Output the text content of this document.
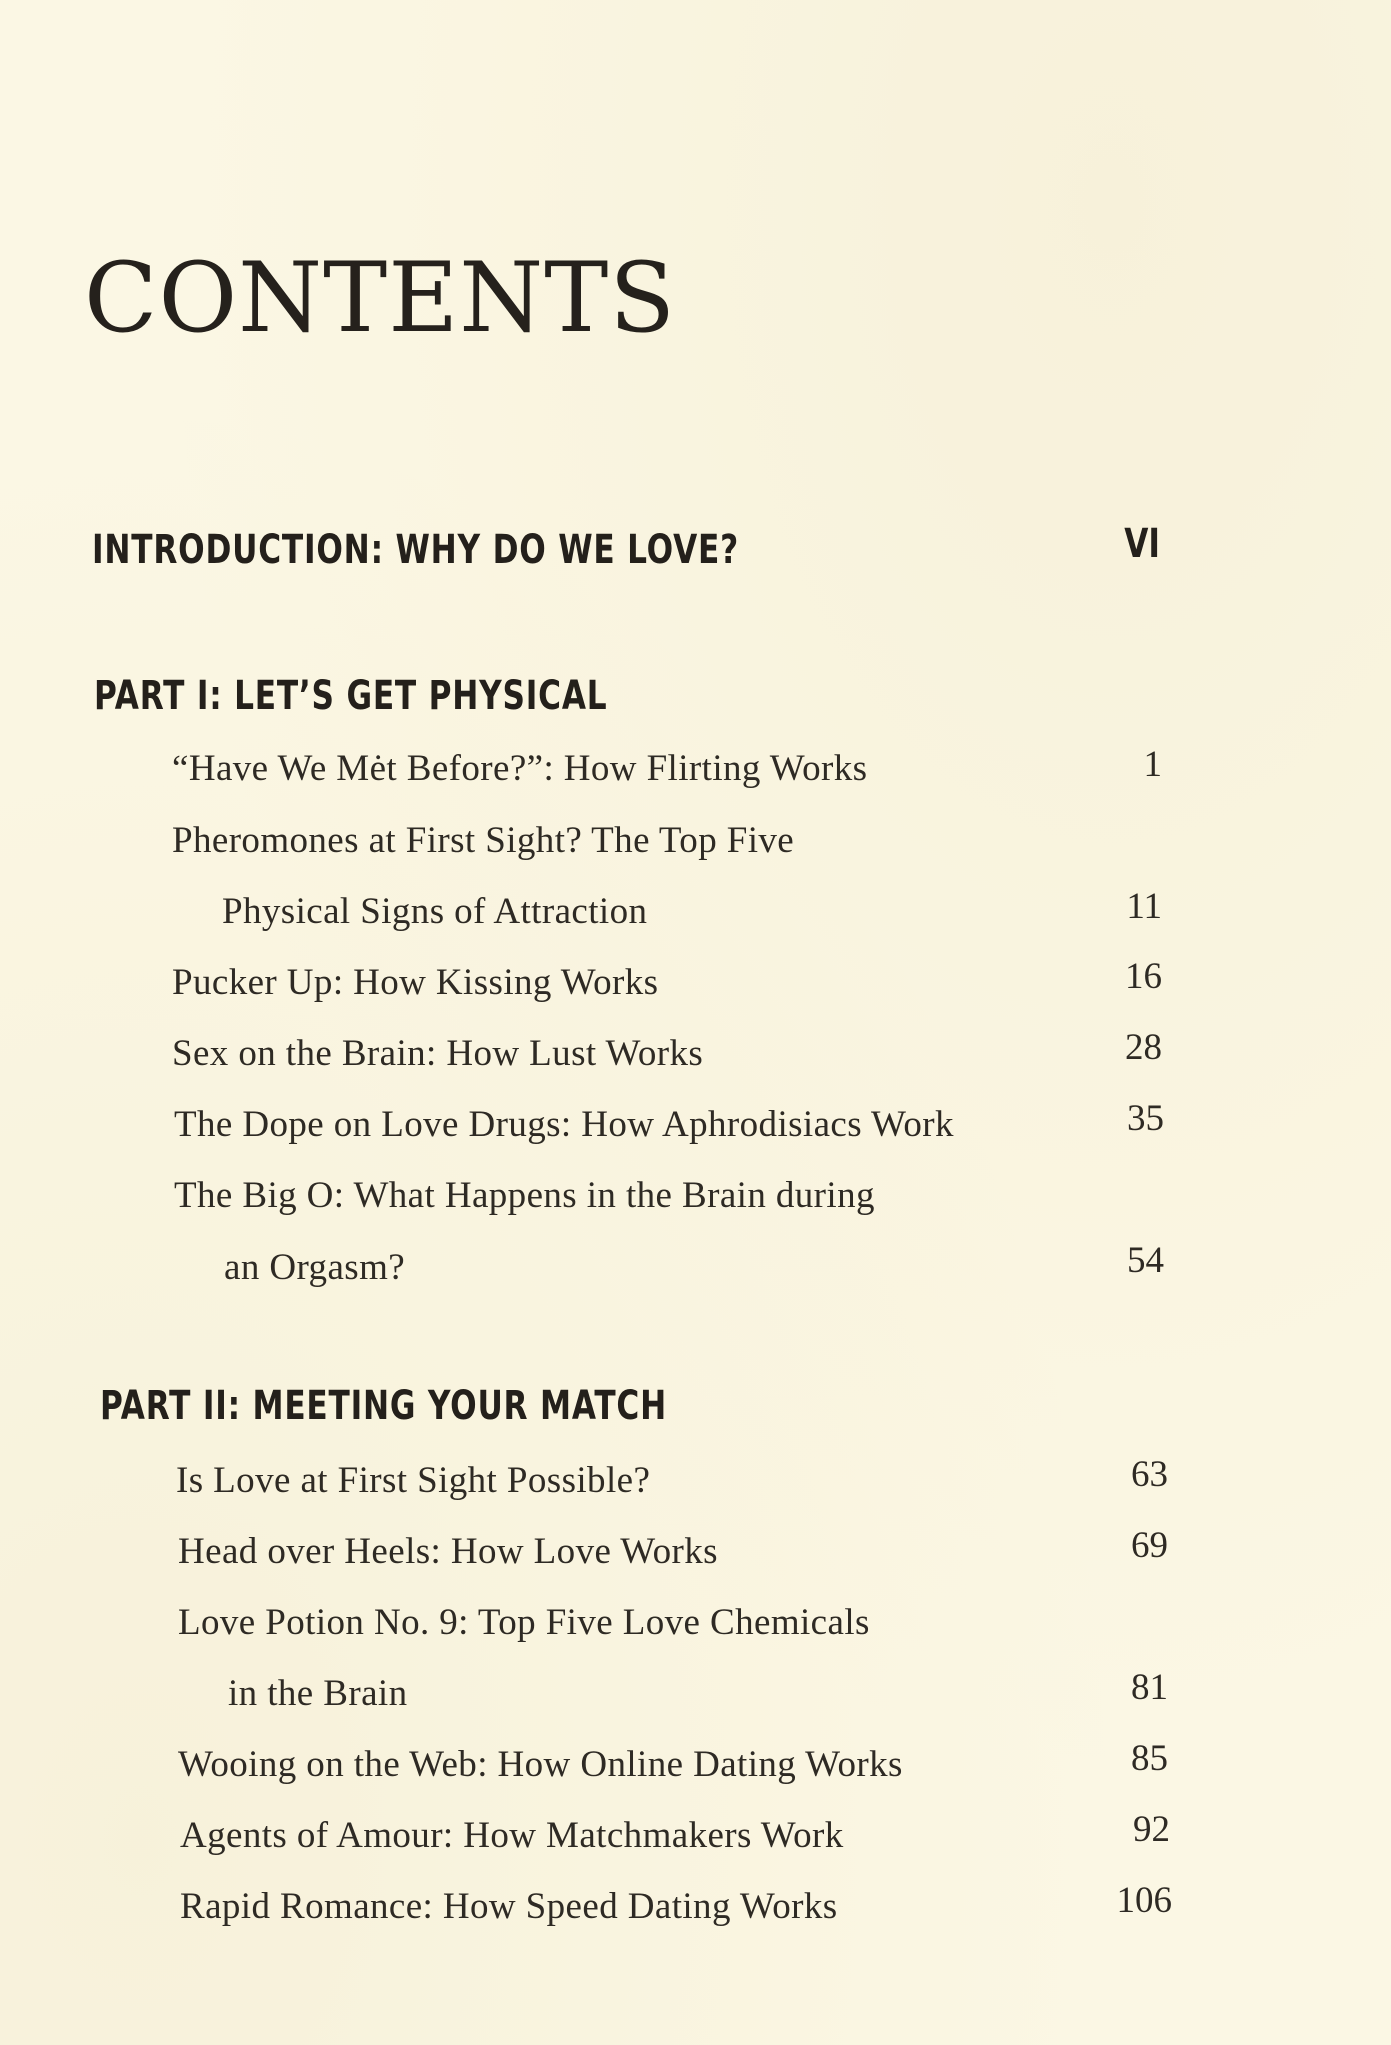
CONTENTS
INTRODUCTION: WHY DO WE LOVE?	VI
PART I: LET’S GET PHYSICAL
“Have We Mėt Before?”: How Flirting Works	1
Pheromones at First Sight? The Top Five
Physical Signs of Attraction	11
Pucker Up: How Kissing Works	16
Sex on the Brain: How Lust Works	28
The Dope on Love Drugs: How Aphrodisiacs Work	35
The Big O: What Happens in the Brain during
an Orgasm?	54
PART II: MEETING YOUR MATCH
Is Love at First Sight Possible?	63
Head over Heels: How Love Works	69
Love Potion No. 9: Top Five Love Chemicals
in the Brain	81
Wooing on the Web: How Online Dating Works	85
Agents of Amour: How Matchmakers Work	92
Rapid Romance: How Speed Dating Works	106
